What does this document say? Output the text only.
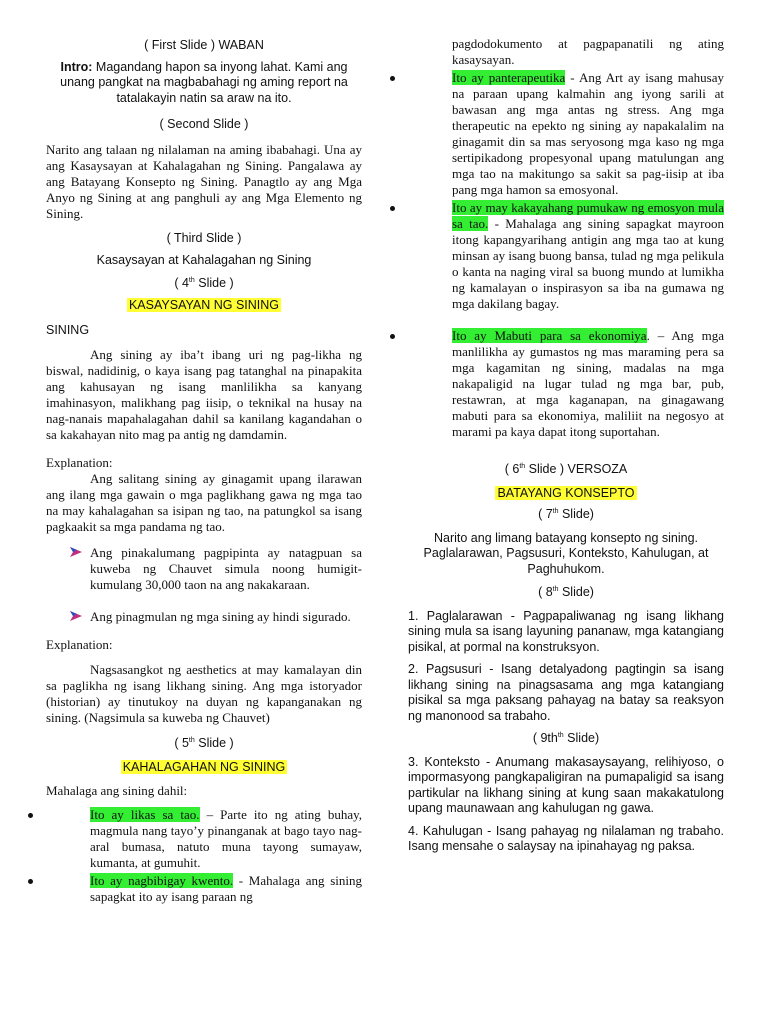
( First Slide ) WABAN

Intro: Magandang hapon sa inyong lahat. Kami ang unang pangkat na magbabahagi ng aming report na tatalakayin natin sa araw na ito.

( Second Slide )

Narito ang talaan ng nilalaman na aming ibabahagi. Una ay ang Kasaysayan at Kahalagahan ng Sining. Pangalawa ay ang Batayang Konsepto ng Sining. Panagtlo ay ang Mga Anyo ng Sining at ang panghuli ay ang Mga Elemento ng Sining.

( Third Slide )

Kasaysayan at Kahalagahan ng Sining

( 4th Slide )

KASAYSAYAN NG SINING

SINING

Ang sining ay iba’t ibang uri ng pag-likha ng biswal, nadidinig, o kaya isang pag tatanghal na pinapakita ang kahusayan ng isang manlilikha sa kanyang imahinasyon, malikhang pag iisip, o teknikal na husay na nag-nanais mapahalagahan dahil sa kanilang kagandahan o sa kakahayan nito mag pa antig ng damdamin.

Explanation:

Ang salitang sining ay ginagamit upang ilarawan ang ilang mga gawain o mga paglikhang gawa ng mga tao na may kahalagahan sa isipan ng tao, na patungkol sa isang pagkaakit sa mga pandama ng tao.

Ang pinakalumang pagpipinta ay natagpuan sa kuweba ng Chauvet simula noong humigit-kumulang 30,000 taon na ang nakakaraan.
Ang pinagmulan ng mga sining ay hindi sigurado.

Explanation:

Nagsasangkot ng aesthetics at may kamalayan din sa paglikha ng isang likhang sining. Ang mga istoryador (historian) ay tinutukoy na duyan ng kapanganakan ng sining. (Nagsimula sa kuweba ng Chauvet)

( 5th Slide )

KAHALAGAHAN NG SINING

Mahalaga ang sining dahil:

Ito ay likas sa tao. – Parte ito ng ating buhay, magmula nang tayo’y pinanganak at bago tayo nag-aral bumasa, natuto muna tayong sumayaw, kumanta, at gumuhit.
Ito ay nagbibigay kwento. - Mahalaga ang sining sapagkat ito ay isang paraan ng

pagdodokumento at pagpapanatili ng ating kasaysayan.

Ito ay panterapeutika - Ang Art ay isang mahusay na paraan upang kalmahin ang iyong sarili at bawasan ang mga antas ng stress. Ang mga therapeutic na epekto ng sining ay napakalalim na ginagamit din sa mas seryosong mga kaso ng mga sertipikadong propesyonal upang matulungan ang mga tao na makitungo sa sakit sa pag-iisip at iba pang mga hamon sa emosyonal.
Ito ay may kakayahang pumukaw ng emosyon mula sa tao. - Mahalaga ang sining sapagkat mayroon itong kapangyarihang antigin ang mga tao at kung minsan ay isang buong bansa, tulad ng mga pelikula o kanta na naging viral sa buong mundo at lumikha ng kamalayan o inspirasyon sa iba na gumawa ng mga dakilang bagay.
Ito ay Mabuti para sa ekonomiya. – Ang mga manlilikha ay gumastos ng mas maraming pera sa mga kagamitan ng sining, madalas na mga nakapaligid na lugar tulad ng mga bar, pub, restawran, at mga kaganapan, na ginagawang mabuti para sa ekonomiya, maliliit na negosyo at marami pa kaya dapat itong suportahan.

( 6th Slide ) VERSOZA

BATAYANG KONSEPTO

( 7th Slide)

Narito ang limang batayang konsepto ng sining. Paglalarawan, Pagsusuri, Konteksto, Kahulugan, at Paghuhukom.

( 8th Slide)

1. Paglalarawan - Pagpapaliwanag ng isang likhang sining mula sa isang layuning pananaw, mga katangiang pisikal, at pormal na konstruksyon.

2. Pagsusuri - Isang detalyadong pagtingin sa isang likhang sining na pinagsasama ang mga katangiang pisikal sa mga paksang pahayag na batay sa reaksyon ng manonood sa trabaho.

( $9th^{th}$ Slide)

3. Konteksto - Anumang makasaysayang, relihiyoso, o impormasyong pangkapaligiran na pumapaligid sa isang partikular na likhang sining at kung saan makakatulong upang maunawaan ang kahulugan ng gawa.

4. Kahulugan - Isang pahayag ng nilalaman ng trabaho. Isang mensahe o salaysay na ipinahayag ng paksa.
